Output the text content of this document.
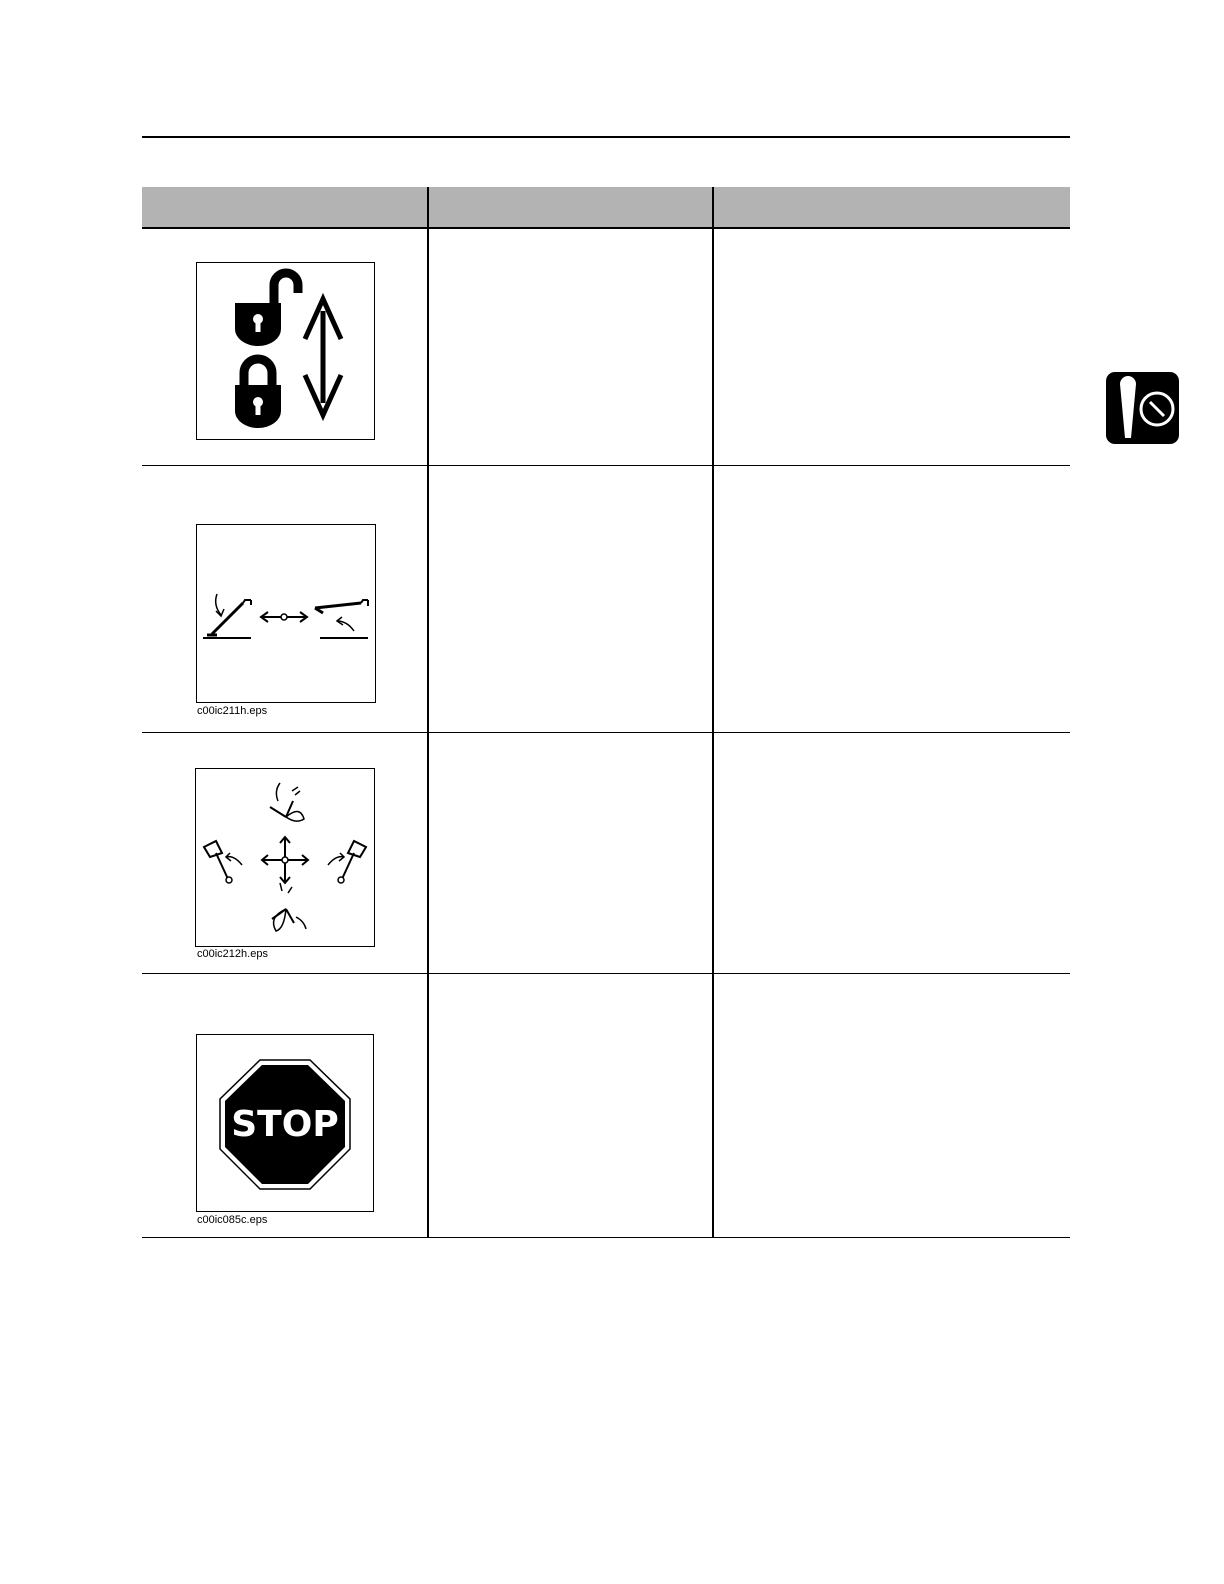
c00ic211h.eps
c00ic212h.eps
STOP
c00ic085c.eps
